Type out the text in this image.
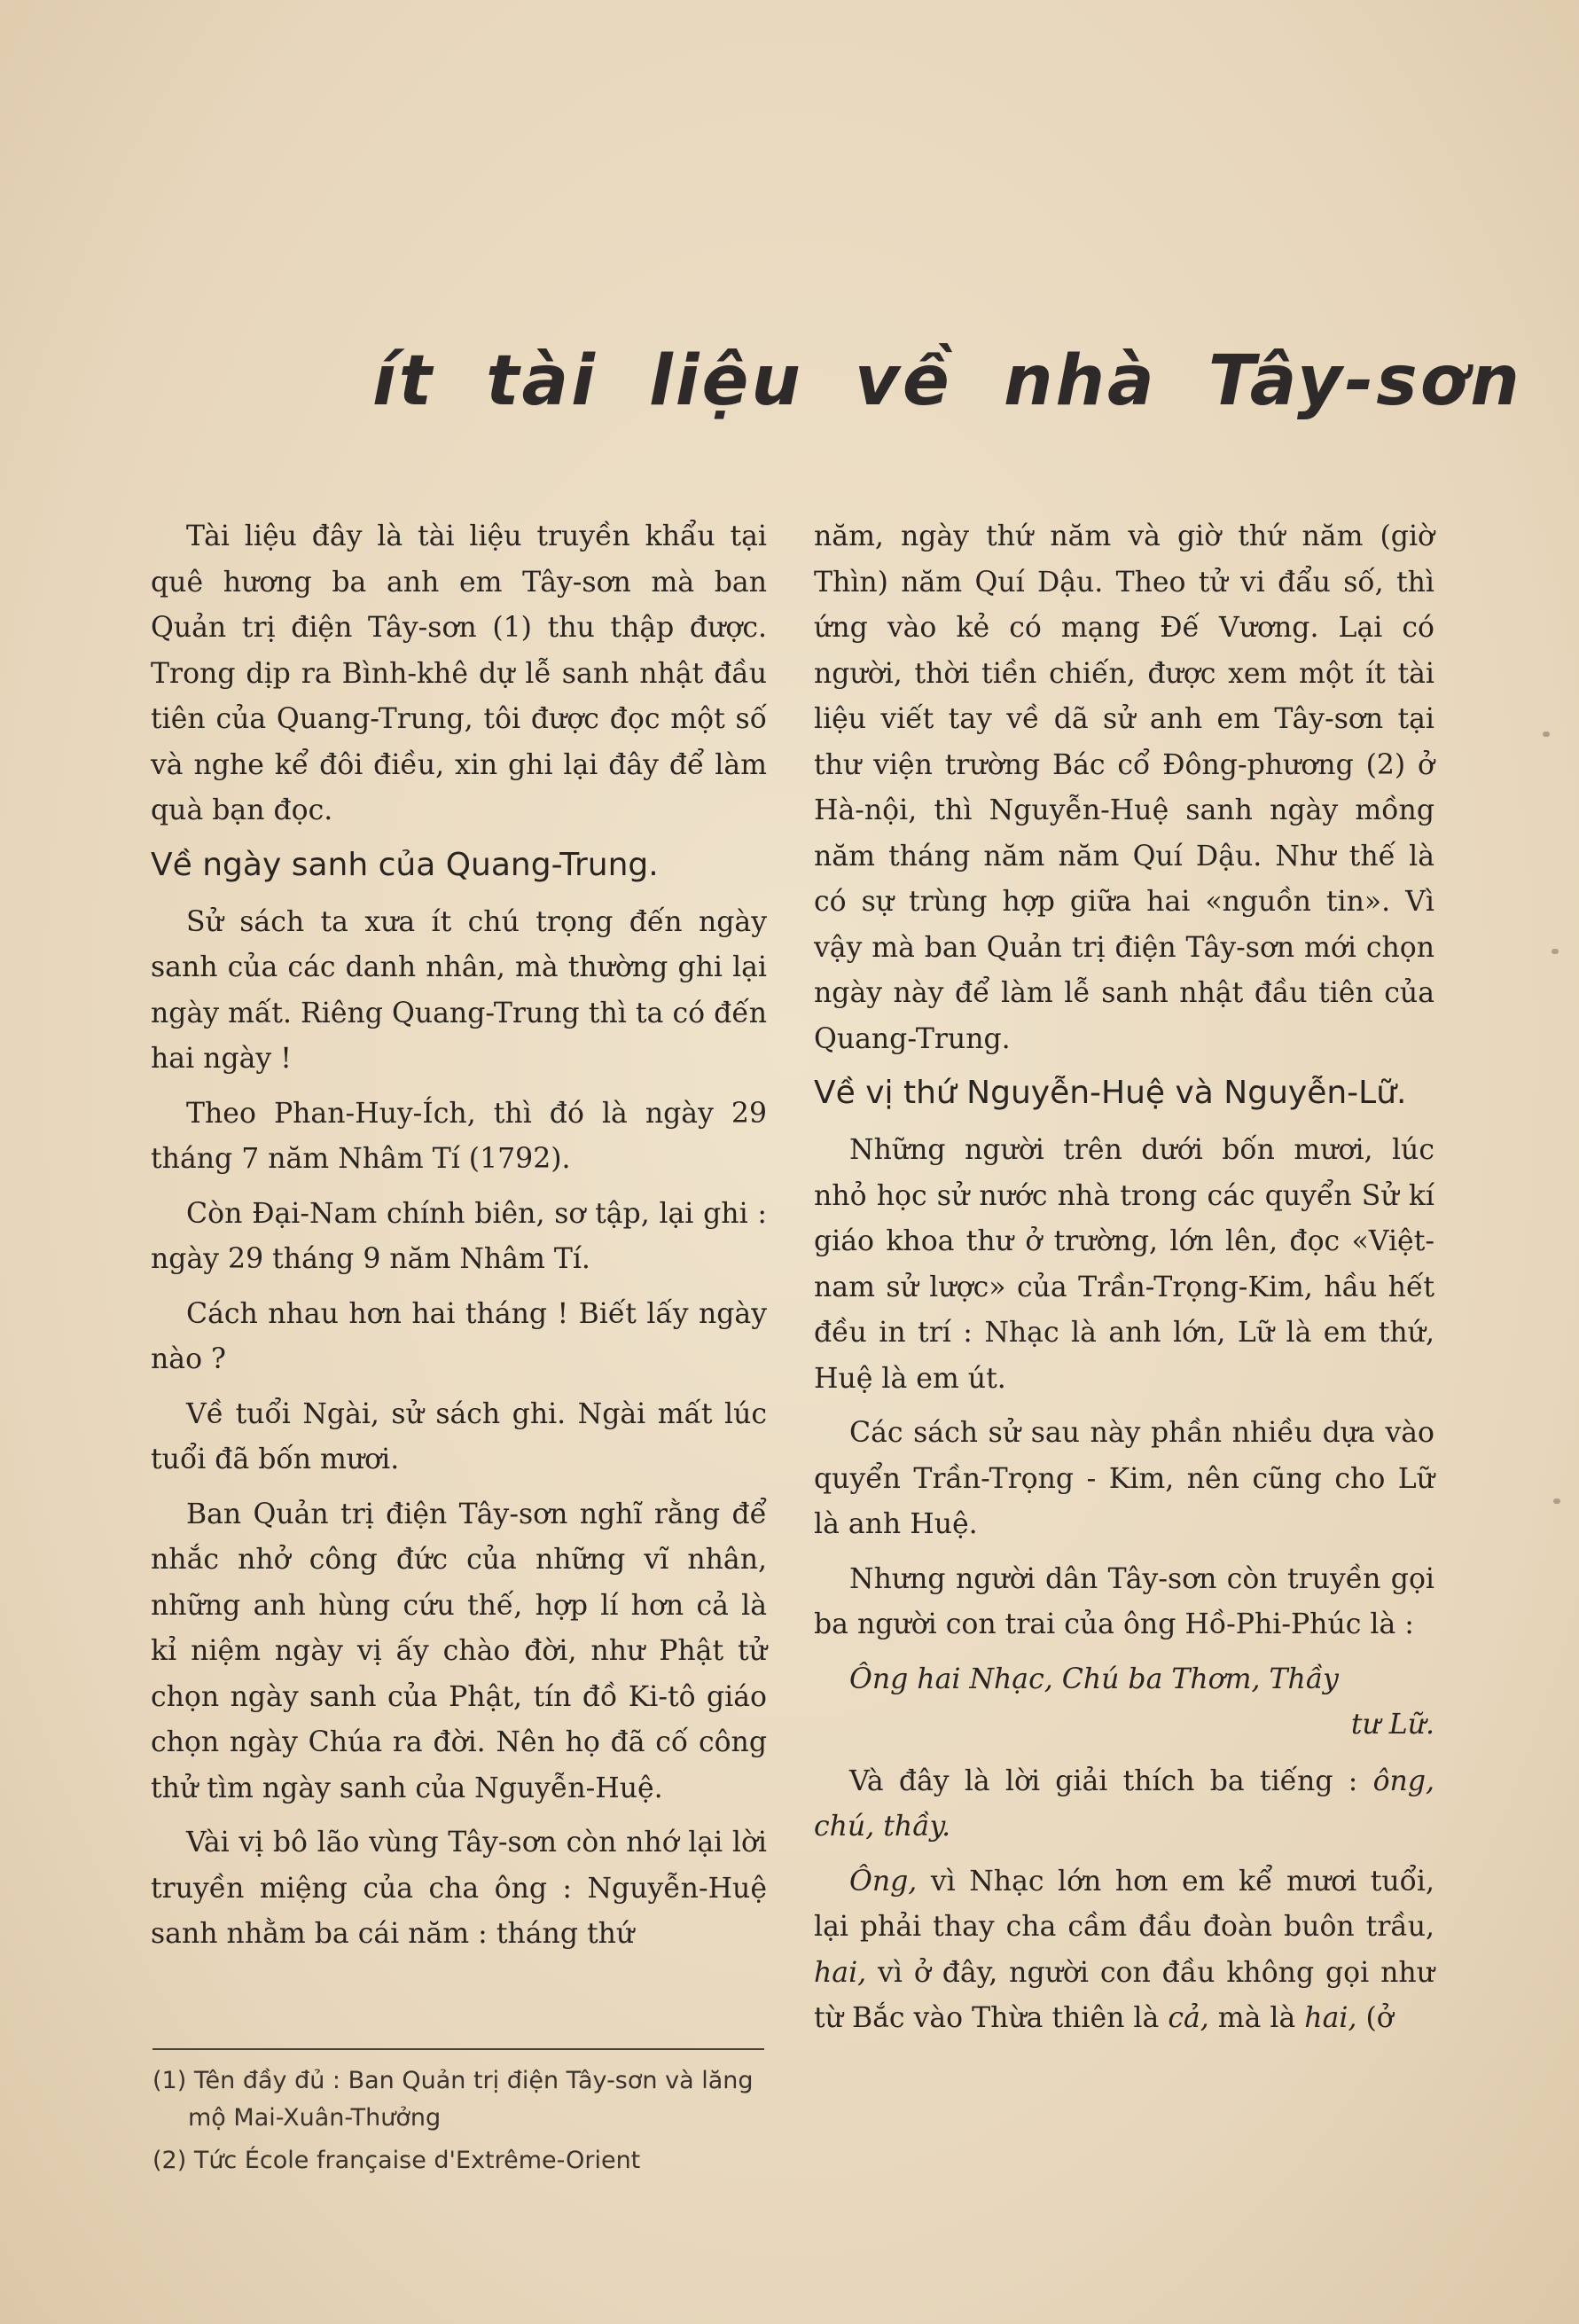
ít tài liệu về nhà Tây-sơn

Tài liệu đây là tài liệu truyền khẩu tại quê hương ba anh em Tây-sơn mà ban Quản trị điện Tây-sơn (1) thu thập được. Trong dịp ra Bình-khê dự lễ sanh nhật đầu tiên của Quang-Trung, tôi được đọc một số và nghe kể đôi điều, xin ghi lại đây để làm quà bạn đọc.

Về ngày sanh của Quang-Trung.

Sử sách ta xưa ít chú trọng đến ngày sanh của các danh nhân, mà thường ghi lại ngày mất. Riêng Quang-Trung thì ta có đến hai ngày !

Theo Phan-Huy-Ích, thì đó là ngày 29 tháng 7 năm Nhâm Tí (1792).

Còn Đại-Nam chính biên, sơ tập, lại ghi : ngày 29 tháng 9 năm Nhâm Tí.

Cách nhau hơn hai tháng ! Biết lấy ngày nào ?

Về tuổi Ngài, sử sách ghi. Ngài mất lúc tuổi đã bốn mươi.

Ban Quản trị điện Tây-sơn nghĩ rằng để nhắc nhở công đức của những vĩ nhân, những anh hùng cứu thế, hợp lí hơn cả là kỉ niệm ngày vị ấy chào đời, như Phật tử chọn ngày sanh của Phật, tín đồ Ki-tô giáo chọn ngày Chúa ra đời. Nên họ đã cố công thử tìm ngày sanh của Nguyễn-Huệ.

Vài vị bô lão vùng Tây-sơn còn nhớ lại lời truyền miệng của cha ông : Nguyễn-Huệ sanh nhằm ba cái năm : tháng thứ

năm, ngày thứ năm và giờ thứ năm (giờ Thìn) năm Quí Dậu. Theo tử vi đẩu số, thì ứng vào kẻ có mạng Đế Vương. Lại có người, thời tiền chiến, được xem một ít tài liệu viết tay về dã sử anh em Tây-sơn tại thư viện trường Bác cổ Đông-phương (2) ở Hà-nội, thì Nguyễn-Huệ sanh ngày mồng năm tháng năm năm Quí Dậu. Như thế là có sự trùng hợp giữa hai «nguồn tin». Vì vậy mà ban Quản trị điện Tây-sơn mới chọn ngày này để làm lễ sanh nhật đầu tiên của Quang-Trung.

Về vị thứ Nguyễn-Huệ và Nguyễn-Lữ.

Những người trên dưới bốn mươi, lúc nhỏ học sử nước nhà trong các quyển Sử kí giáo khoa thư ở trường, lớn lên, đọc «Việt-nam sử lược» của Trần-Trọng-Kim, hầu hết đều in trí : Nhạc là anh lớn, Lữ là em thứ, Huệ là em út.

Các sách sử sau này phần nhiều dựa vào quyển Trần-Trọng - Kim, nên cũng cho Lữ là anh Huệ.

Nhưng người dân Tây-sơn còn truyền gọi ba người con trai của ông Hồ-Phi-Phúc là :

Ông hai Nhạc, Chú ba Thơm, Thầy
tư Lữ.

Và đây là lời giải thích ba tiếng : ông, chú, thầy.

Ông, vì Nhạc lớn hơn em kể mươi tuổi, lại phải thay cha cầm đầu đoàn buôn trầu, hai, vì ở đây, người con đầu không gọi như từ Bắc vào Thừa thiên là cả, mà là hai, (ở

(1) Tên đầy đủ : Ban Quản trị điện Tây-sơn và lăng mộ Mai-Xuân-Thưởng

(2) Tức École française d'Extrême-Orient
